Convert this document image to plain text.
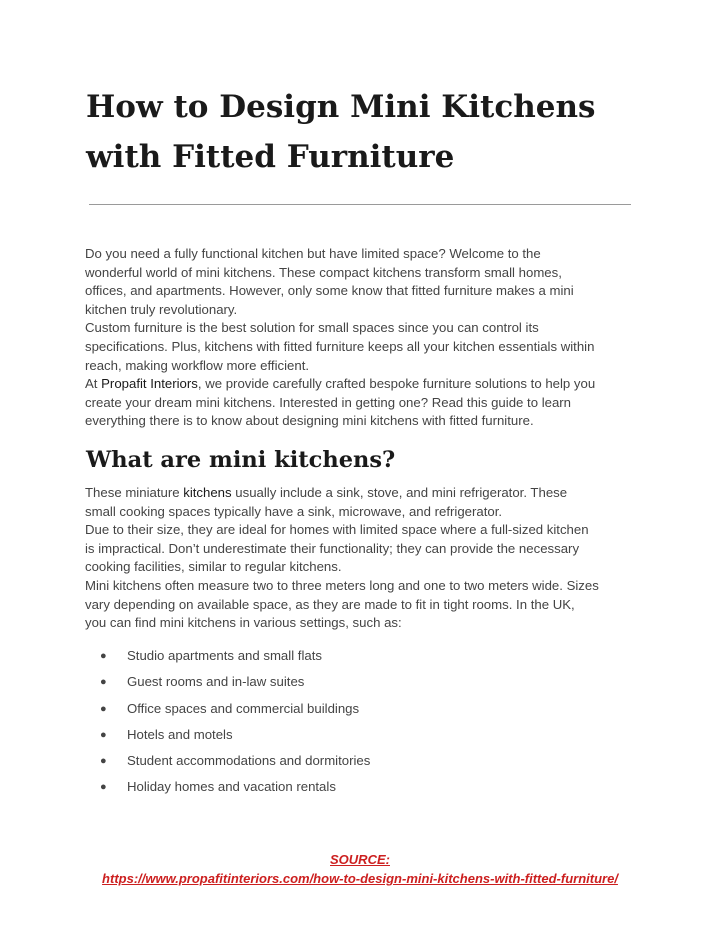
How to Design Mini Kitchens
with Fitted Furniture

Do you need a fully functional kitchen but have limited space? Welcome to the
wonderful world of mini kitchens. These compact kitchens transform small homes,
offices, and apartments. However, only some know that fitted furniture makes a mini
kitchen truly revolutionary.

Custom furniture is the best solution for small spaces since you can control its
specifications. Plus, kitchens with fitted furniture keeps all your kitchen essentials within
reach, making workflow more efficient.

At Propafit Interiors, we provide carefully crafted bespoke furniture solutions to help you
create your dream mini kitchens. Interested in getting one? Read this guide to learn
everything there is to know about designing mini kitchens with fitted furniture.

What are mini kitchens?

These miniature kitchens usually include a sink, stove, and mini refrigerator. These
small cooking spaces typically have a sink, microwave, and refrigerator.

Due to their size, they are ideal for homes with limited space where a full-sized kitchen
is impractical. Don’t underestimate their functionality; they can provide the necessary
cooking facilities, similar to regular kitchens.

Mini kitchens often measure two to three meters long and one to two meters wide. Sizes
vary depending on available space, as they are made to fit in tight rooms. In the UK,
you can find mini kitchens in various settings, such as:

●	Studio apartments and small flats
●	Guest rooms and in-law suites
●	Office spaces and commercial buildings
●	Hotels and motels
●	Student accommodations and dormitories
●	Holiday homes and vacation rentals
SOURCE:
https://www.propafitinteriors.com/how-to-design-mini-kitchens-with-fitted-furniture/
